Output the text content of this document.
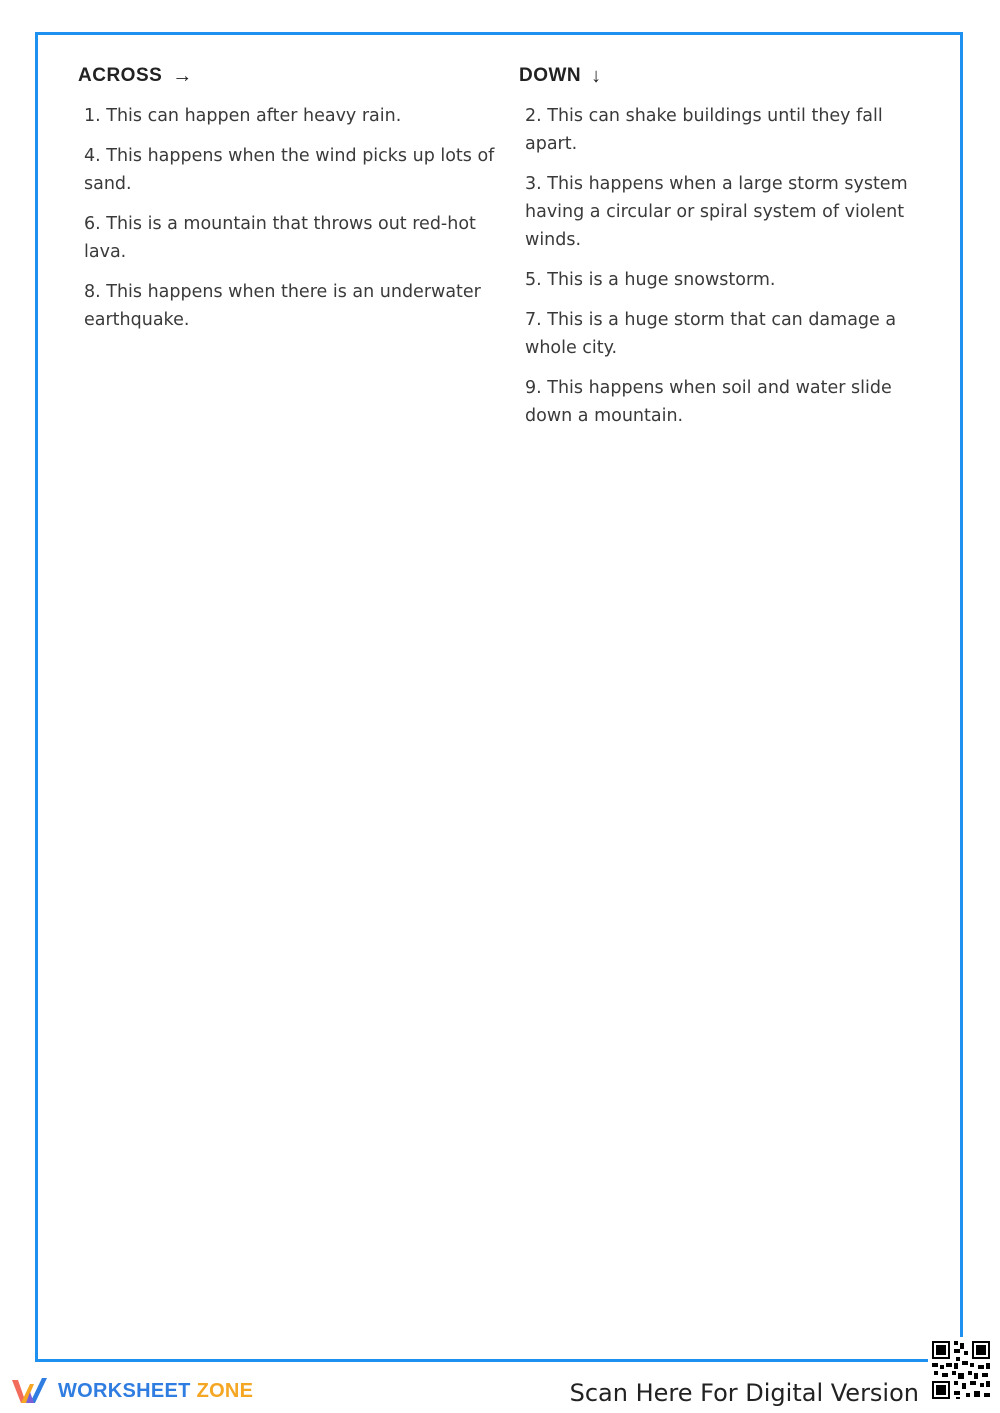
ACROSS →

1. This can happen after heavy rain.

4. This happens when the wind picks up lots of sand.

6. This is a mountain that throws out red-hot lava.

8. This happens when there is an underwater earthquake.

DOWN ↓

2. This can shake buildings until they fall apart.

3. This happens when a large storm system having a circular or spiral system of violent winds.

5. This is a huge snowstorm.

7. This is a huge storm that can damage a whole city.

9. This happens when soil and water slide down a mountain.

WORKSHEET ZONE	Scan Here For Digital Version
